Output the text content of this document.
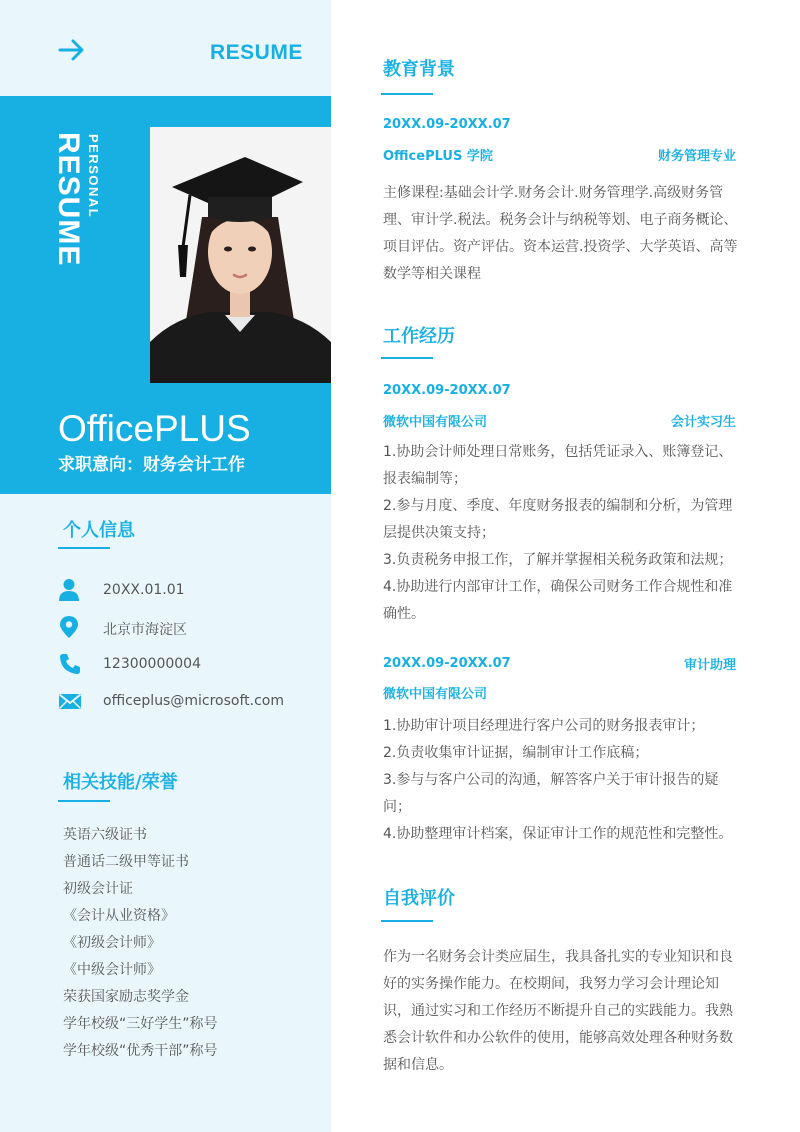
RESUME
RESUME PERSONAL
OfficePLUS
求职意向：财务会计工作
个人信息
20XX.01.01
北京市海淀区
12300000004
officeplus@microsoft.com
相关技能/荣誉
英语六级证书
普通话二级甲等证书
初级会计证
《会计从业资格》
《初级会计师》
《中级会计师》
荣获国家励志奖学金
学年校级“三好学生”称号
学年校级“优秀干部”称号
教育背景
20XX.09-20XX.07
OfficePLUS 学院	财务管理专业
主修课程:基础会计学.财务会计.财务管理学.高级财务管理、审计学.税法。税务会计与纳税等划、电子商务概论、项目评估。资产评估。资本运营.投资学、大学英语、高等数学等相关课程
工作经历
20XX.09-20XX.07
微软中国有限公司	会计实习生
1.协助会计师处理日常账务，包括凭证录入、账簿登记、报表编制等；
2.参与月度、季度、年度财务报表的编制和分析，为管理层提供决策支持；
3.负责税务申报工作，了解并掌握相关税务政策和法规；
4.协助进行内部审计工作，确保公司财务工作合规性和准确性。
20XX.09-20XX.07	审计助理
微软中国有限公司
1.协助审计项目经理进行客户公司的财务报表审计；
2.负责收集审计证据，编制审计工作底稿；
3.参与与客户公司的沟通，解答客户关于审计报告的疑问；
4.协助整理审计档案，保证审计工作的规范性和完整性。
自我评价
作为一名财务会计类应届生，我具备扎实的专业知识和良好的实务操作能力。在校期间，我努力学习会计理论知识，通过实习和工作经历不断提升自己的实践能力。我熟悉会计软件和办公软件的使用，能够高效处理各种财务数据和信息。
